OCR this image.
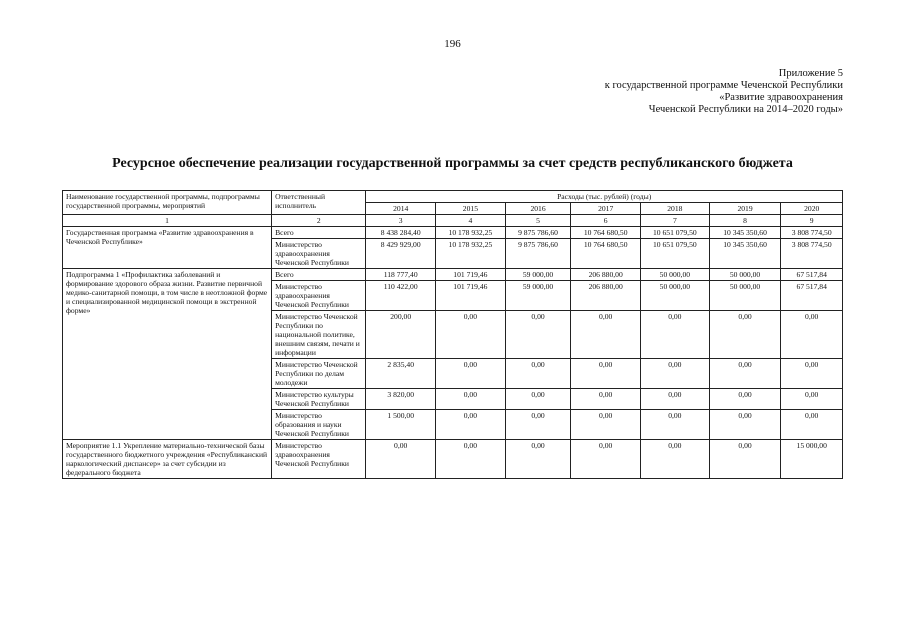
196
Приложение 5
к государственной программе Чеченской Республики
«Развитие здравоохранения
Чеченской Республики на 2014–2020 годы»
Ресурсное обеспечение реализации государственной программы за счет средств республиканского бюджета
Наименование государственной программы, подпрограммы государственной программы, мероприятий	Ответственный исполнитель	Расходы (тыс. рублей) (годы)						
		2014	2015	2016	2017	2018	2019	2020
1	2	3	4	5	6	7	8	9
Государственная программа «Развитие здравоохранения в Чеченской Республике»	Всего	8 438 284,40	10 178 932,25	9 875 786,60	10 764 680,50	10 651 079,50	10 345 350,60	3 808 774,50
	Министерство здравоохранения Чеченской Республики	8 429 929,00	10 178 932,25	9 875 786,60	10 764 680,50	10 651 079,50	10 345 350,60	3 808 774,50
Подпрограмма 1 «Профилактика заболеваний и формирование здорового образа жизни. Развитие первичной медико-санитарной помощи, в том числе в неотложной форме и специализированной медицинской помощи в экстренной форме»	Всего	118 777,40	101 719,46	59 000,00	206 880,00	50 000,00	50 000,00	67 517,84
	Министерство здравоохранения Чеченской Республики	110 422,00	101 719,46	59 000,00	206 880,00	50 000,00	50 000,00	67 517,84
	Министерство Чеченской Республики по национальной политике, внешним связям, печати и информации	200,00	0,00	0,00	0,00	0,00	0,00	0,00
	Министерство Чеченской Республики по делам молодежи	2 835,40	0,00	0,00	0,00	0,00	0,00	0,00
	Министерство культуры Чеченской Республики	3 820,00	0,00	0,00	0,00	0,00	0,00	0,00
	Министерство образования и науки Чеченской Республики	1 500,00	0,00	0,00	0,00	0,00	0,00	0,00
Мероприятие 1.1 Укрепление материально-технической базы государственного бюджетного учреждения «Республиканский наркологический диспансер» за счет субсидии из федерального бюджета	Министерство здравоохранения Чеченской Республики	0,00	0,00	0,00	0,00	0,00	0,00	15 000,00
